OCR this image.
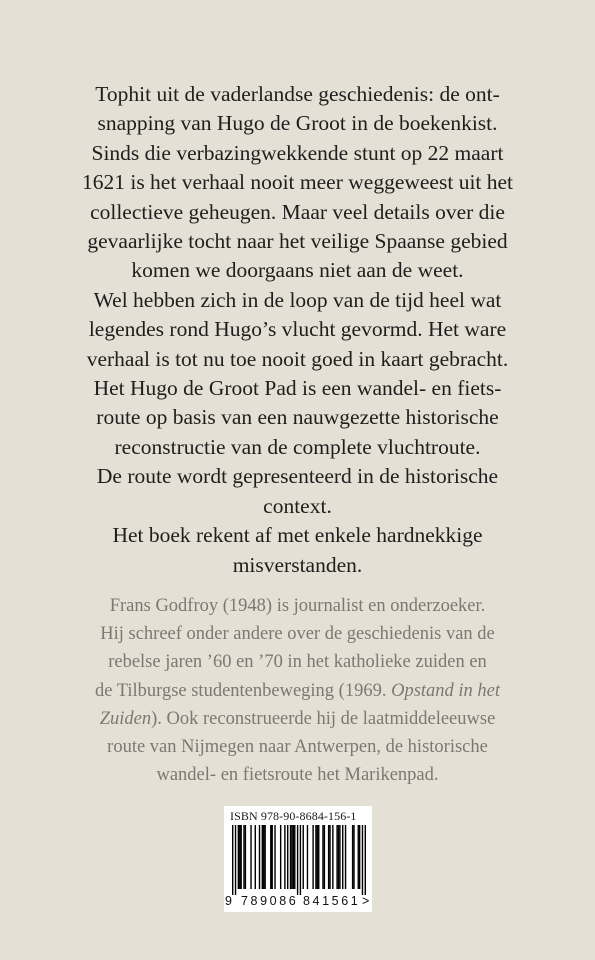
Tophit uit de vaderlandse geschiedenis: de ont-

snapping van Hugo de Groot in de boekenkist.

Sinds die verbazingwekkende stunt op 22 maart

1621 is het verhaal nooit meer weggeweest uit het

collectieve geheugen. Maar veel details over die

gevaarlijke tocht naar het veilige Spaanse gebied

komen we doorgaans niet aan de weet.

Wel hebben zich in de loop van de tijd heel wat

legendes rond Hugo’s vlucht gevormd. Het ware

verhaal is tot nu toe nooit goed in kaart gebracht.

Het Hugo de Groot Pad is een wandel- en fiets-

route op basis van een nauwgezette historische

reconstructie van de complete vluchtroute.

De route wordt gepresenteerd in de historische

context.

Het boek rekent af met enkele hardnekkige

misverstanden.

Frans Godfroy (1948) is journalist en onderzoeker.

Hij schreef onder andere over de geschiedenis van de

rebelse jaren ’60 en ’70 in het katholieke zuiden en

de Tilburgse studentenbeweging (1969. Opstand in het

Zuiden). Ook reconstrueerde hij de laatmiddeleeuwse

route van Nijmegen naar Antwerpen, de historische

wandel- en fietsroute het Marikenpad.

ISBN 978-90-8684-156-1
9 789086 841561 >
